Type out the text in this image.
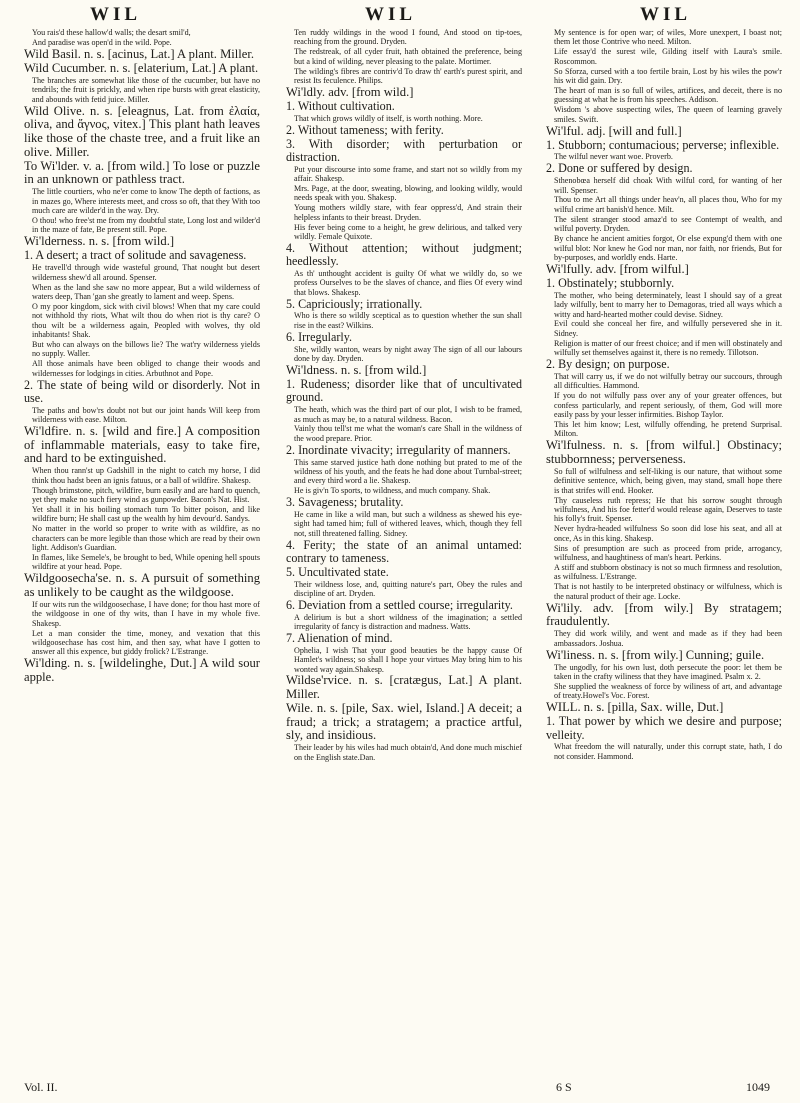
WIL	WIL	WIL

You rais'd these hallow'd walls; the desart smil'd,

And paradise was open'd in the wild. Pope.

Wild Basil. n. s. [acinus, Lat.] A plant. Miller.

Wild Cucumber. n. s. [elaterium, Lat.] A plant.

The branches are somewhat like those of the cucumber, but have no tendrils; the fruit is prickly, and when ripe bursts with great elasticity, and abounds with fetid juice. Miller.

Wild Olive. n. s. [eleagnus, Lat. from ἐλαία, oliva, and ἄγνος, vitex.] This plant hath leaves like those of the chaste tree, and a fruit like an olive. Miller.

To Wi'lder. v. a. [from wild.] To lose or puzzle in an unknown or pathless tract.

The little courtiers, who ne'er come to know The depth of factions, as in mazes go, Where interests meet, and cross so oft, that they With too much care are wilder'd in the way. Dry.

O thou! who free'st me from my doubtful state, Long lost and wilder'd in the maze of fate, Be present still. Pope.

Wi'lderness. n. s. [from wild.]

1. A desert; a tract of solitude and savageness.

He travell'd through wide wasteful ground, That nought but desert wilderness shew'd all around. Spenser.

When as the land she saw no more appear, But a wild wilderness of waters deep, Than 'gan she greatly to lament and weep. Spens.

O my poor kingdom, sick with civil blows! When that my care could not withhold thy riots, What wilt thou do when riot is thy care? O thou wilt be a wilderness again, Peopled with wolves, thy old inhabitants! Shak.

But who can always on the billows lie? The wat'ry wilderness yields no supply. Waller.

All those animals have been obliged to change their woods and wildernesses for lodgings in cities. Arbuthnot and Pope.

2. The state of being wild or disorderly. Not in use.

The paths and bow'rs doubt not but our joint hands Will keep from wilderness with ease. Milton.

Wi'ldfire. n. s. [wild and fire.] A composition of inflammable materials, easy to take fire, and hard to be extinguished.

When thou rann'st up Gadshill in the night to catch my horse, I did think thou hadst been an ignis fatuus, or a ball of wildfire. Shakesp.

Though brimstone, pitch, wildfire, burn easily and are hard to quench, yet they make no such fiery wind as gunpowder. Bacon's Nat. Hist.

Yet shall it in his boiling stomach turn To bitter poison, and like wildfire burn; He shall cast up the wealth hy him devour'd. Sandys.

No matter in the world so proper to write with as wildfire, as no characters can be more legible than those which are read by their own light. Addison's Guardian.

In flames, like Semele's, be brought to bed, While opening hell spouts wildfire at your head. Pope.

Wildgoosecha'se. n. s. A pursuit of something as unlikely to be caught as the wildgoose.

If our wits run the wildgoosechase, I have done; for thou hast more of the wildgoose in one of thy wits, than I have in my whole five. Shakesp.

Let a man consider the time, money, and vexation that this wildgoosechase has cost him, and then say, what have I gotten to answer all this expence, but giddy frolick? L'Estrange.

Wi'lding. n. s. [wildelinghe, Dut.] A wild sour apple.

Ten ruddy wildings in the wood I found, And stood on tip-toes, reaching from the ground. Dryden.

The redstreak, of all cyder fruit, hath obtained the preference, being but a kind of wilding, never pleasing to the palate. Mortimer.

The wilding's fibres are contriv'd To draw th' earth's purest spirit, and resist Its feculence. Philips.

Wi'ldly. adv. [from wild.]

1. Without cultivation.

That which grows wildly of itself, is worth nothing. More.

2. Without tameness; with ferity.

3. With disorder; with perturbation or distraction.

Put your discourse into some frame, and start not so wildly from my affair. Shakesp.

Mrs. Page, at the door, sweating, blowing, and looking wildly, would needs speak with you. Shakesp.

Young mothers wildly stare, with fear oppress'd, And strain their helpless infants to their breast. Dryden.

His fever being come to a height, he grew delirious, and talked very wildly. Female Quixote.

4. Without attention; without judgment; heedlessly.

As th' unthought accident is guilty Of what we wildly do, so we profess Ourselves to be the slaves of chance, and flies Of every wind that blows. Shakesp.

5. Capriciously; irrationally.

Who is there so wildly sceptical as to question whether the sun shall rise in the east? Wilkins.

6. Irregularly.

She, wildly wanton, wears by night away The sign of all our labours done by day. Dryden.

Wi'ldness. n. s. [from wild.]

1. Rudeness; disorder like that of uncultivated ground.

The heath, which was the third part of our plot, I wish to be framed, as much as may be, to a natural wildness. Bacon.

Vainly thou tell'st me what the woman's care Shall in the wildness of the wood prepare. Prior.

2. Inordinate vivacity; irregularity of manners.

This same starved justice hath done nothing but prated to me of the wildness of his youth, and the feats he had done about Turnbal-street; and every third word a lie. Shakesp.

He is giv'n To sports, to wildness, and much company. Shak.

3. Savageness; brutality.

He came in like a wild man, but such a wildness as shewed his eye-sight had tamed him; full of withered leaves, which, though they fell not, still threatened falling. Sidney.

4. Ferity; the state of an animal untamed: contrary to tameness.

5. Uncultivated state.

Their wildness lose, and, quitting nature's part, Obey the rules and discipline of art. Dryden.

6. Deviation from a settled course; irregularity.

A delirium is but a short wildness of the imagination; a settled irregularity of fancy is distraction and madness. Watts.

7. Alienation of mind.

Ophelia, I wish That your good beauties be the happy cause Of Hamlet's wildness; so shall I hope your virtues May bring him to his wonted way again.Shakesp.

Wildse'rvice. n. s. [cratægus, Lat.] A plant. Miller.

Wile. n. s. [pile, Sax. wiel, Island.] A deceit; a fraud; a trick; a stratagem; a practice artful, sly, and insidious.

Their leader by his wiles had much obtain'd, And done much mischief on the English state.Dan.

My sentence is for open war; of wiles, More unexpert, I boast not; them let those Contrive who need. Milton.

Life essay'd the surest wile, Gilding itself with Laura's smile. Roscommon.

So Sforza, cursed with a too fertile brain, Lost by his wiles the pow'r his wit did gain. Dry.

The heart of man is so full of wiles, artifices, and deceit, there is no guessing at what he is from his speeches. Addison.

Wisdom 's above suspecting wiles, The queen of learning gravely smiles. Swift.

Wi'lful. adj. [will and full.]

1. Stubborn; contumacious; perverse; inflexible.

The wilful never want woe. Proverb.

2. Done or suffered by design.

Sthenobœa herself did choak With wilful cord, for wanting of her will. Spenser.

Thou to me Art all things under heav'n, all places thou, Who for my wilful crime art banish'd hence. Milt.

The silent stranger stood amaz'd to see Contempt of wealth, and wilful poverty. Dryden.

By chance he ancient amities forgot, Or else expung'd them with one wilful blot: Nor knew he God nor man, nor faith, nor friends, But for by-purposes, and worldly ends. Harte.

Wi'lfully. adv. [from wilful.]

1. Obstinately; stubbornly.

The mother, who being determinately, least I should say of a great lady wilfully, bent to marry her to Demagoras, tried all ways which a witty and hard-hearted mother could devise. Sidney.

Evil could she conceal her fire, and wilfully persevered she in it. Sidney.

Religion is matter of our freest choice; and if men will obstinately and wilfully set themselves against it, there is no remedy. Tillotson.

2. By design; on purpose.

That will carry us, if we do not wilfully betray our succours, through all difficulties. Hammond.

If you do not wilfully pass over any of your greater offences, but confess particularly, and repent seriously, of them, God will more easily pass by your lesser infirmities. Bishop Taylor.

This let him know; Lest, wilfully offending, he pretend Surprisal. Milton.

Wi'lfulness. n. s. [from wilful.] Obstinacy; stubbornness; perverseness.

So full of wilfulness and self-liking is our nature, that without some definitive sentence, which, being given, may stand, small hope there is that strifes will end. Hooker.

Thy causeless ruth repress; He that his sorrow sought through wilfulness, And his foe fetter'd would release again, Deserves to taste his folly's fruit. Spenser.

Never hydra-headed wilfulness So soon did lose his seat, and all at once, As in this king. Shakesp.

Sins of presumption are such as proceed from pride, arrogancy, wilfulness, and haughtiness of man's heart. Perkins.

A stiff and stubborn obstinacy is not so much firmness and resolution, as wilfulness. L'Estrange.

That is not hastily to be interpreted obstinacy or wilfulness, which is the natural product of their age. Locke.

Wi'lily. adv. [from wily.] By stratagem; fraudulently.

They did work wilily, and went and made as if they had been ambassadors. Joshua.

Wi'liness. n. s. [from wily.] Cunning; guile.

The ungodly, for his own lust, doth persecute the poor: let them be taken in the crafty wiliness that they have imagined. Psalm x. 2.

She supplied the weakness of force by wiliness of art, and advantage of treaty.Howel's Voc. Forest.

WILL. n. s. [pilla, Sax. wille, Dut.]

1. That power by which we desire and purpose; velleity.

What freedom the will naturally, under this corrupt state, hath, I do not consider. Hammond.

Vol. II.	6 S	1049
